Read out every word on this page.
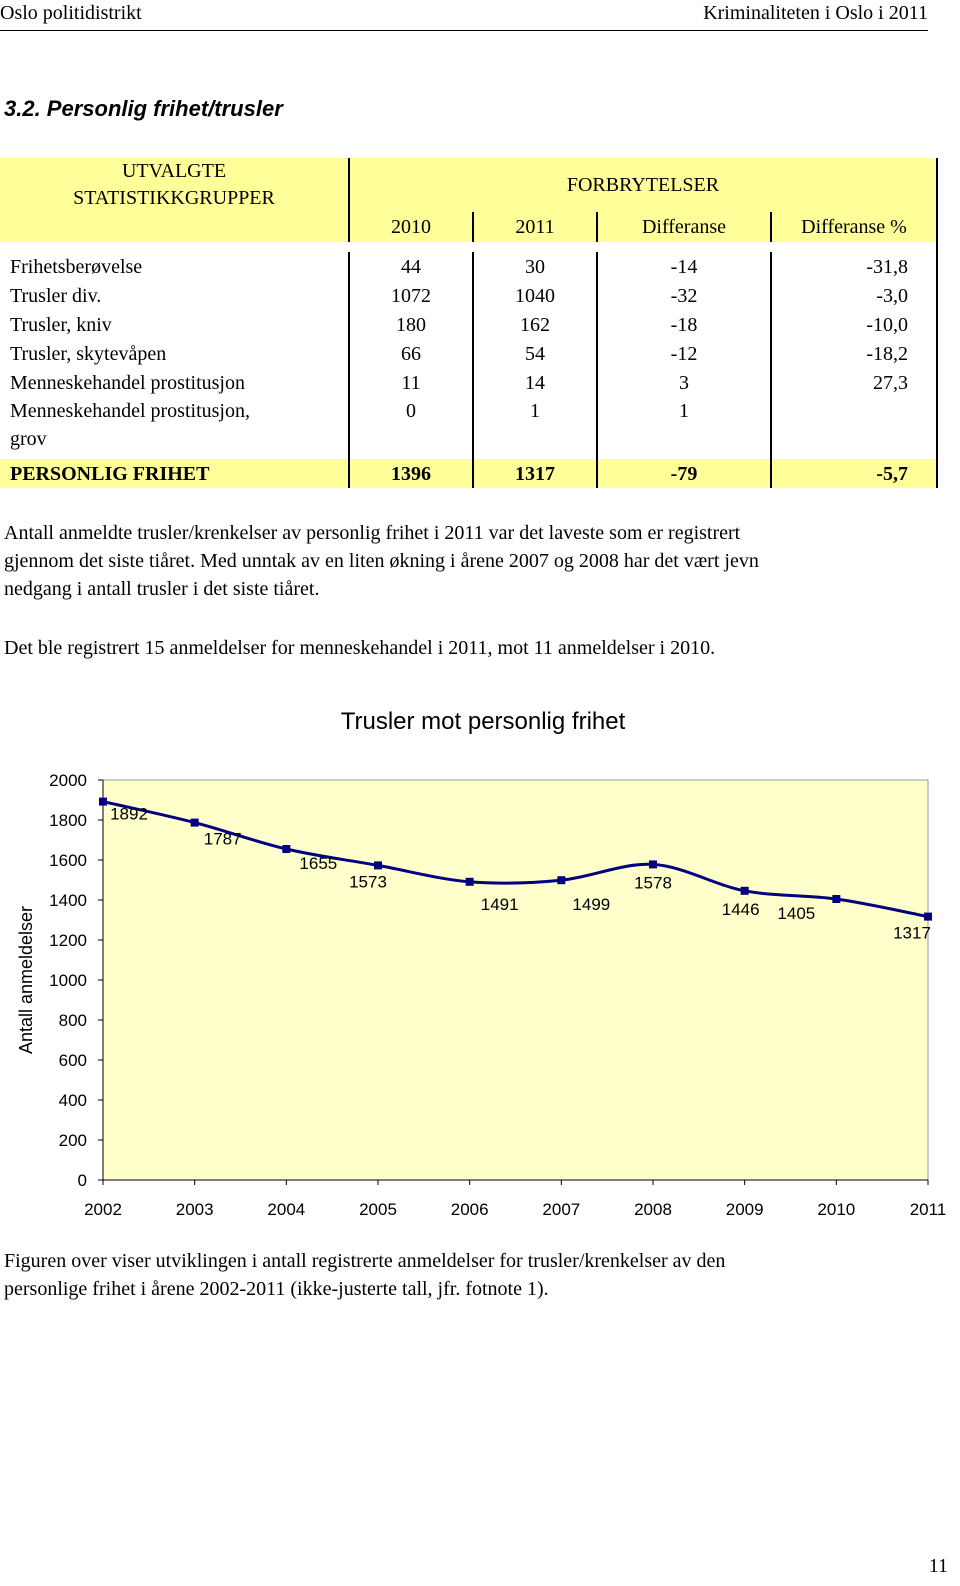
Oslo politidistrikt	Kriminaliteten i Oslo i 2011
3.2. Personlig frihet/trusler
UTVALGTE
STATISTIKKGRUPPER	FORBRYTELSER			
	2010	2011	Differanse	Differanse %

Frihetsberøvelse	44	30	-14	-31,8
Trusler div.	1072	1040	-32	-3,0
Trusler, kniv	180	162	-18	-10,0
Trusler, skytevåpen	66	54	-12	-18,2
Menneskehandel prostitusjon	11	14	3	27,3
Menneskehandel prostitusjon,
grov	0	1	1	
PERSONLIG FRIHET	1396	1317	-79	-5,7
Antall anmeldte trusler/krenkelser av personlig frihet i 2011 var det laveste som er registrert
gjennom det siste tiåret. Med unntak av en liten økning i årene 2007 og 2008 har det vært jevn
nedgang i antall trusler i det siste tiåret.
Det ble registrert 15 anmeldelser for menneskehandel i 2011, mot 11 anmeldelser i 2010.
Trusler mot personlig frihet
0
200
400
600
800
1000
1200
1400
1600
1800
2000
2002	2003	2004	2005	2006	2007	2008	2009	2010	2011
1892
1787
1655
1573
1491	1499
1578
1446 1405
1317
Antall anmeldelser
Figuren over viser utviklingen i antall registrerte anmeldelser for trusler/krenkelser av den
personlige frihet i årene 2002-2011 (ikke-justerte tall, jfr. fotnote 1).
11
